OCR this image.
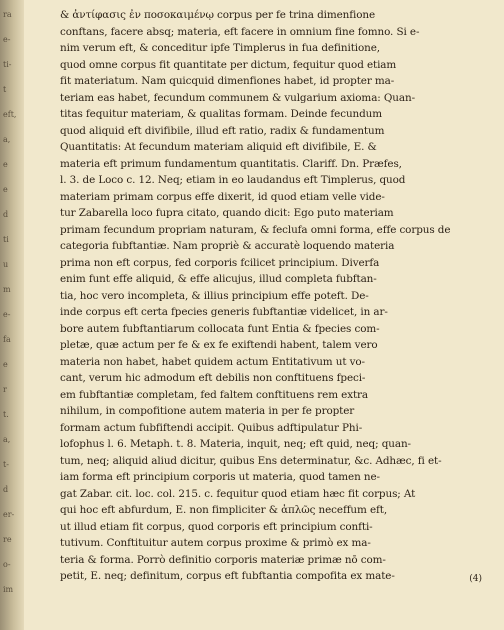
ra
e-
ti-
t
eft,
a,
e
e
d
ti
u
m
e-
fa
e
r
t.
a,
t-
d
er-
re
o-
im
& ἀντίφασις ἐν ποσοκαιμένῳ corpus per fe trina dimenfione
conftans, facere absq; materia, eft facere in omnium fine fomno. Si e-
nim verum eft, & conceditur ipfe Timplerus in fua definitione,
quod omne corpus fit quantitate per dictum, fequitur quod etiam
fit materiatum. Nam quicquid dimenfiones habet, id propter ma-
teriam eas habet, fecundum communem & vulgarium axioma: Quan-
titas fequitur materiam, & qualitas formam. Deinde fecundum
quod aliquid eft divifibile, illud eft ratio, radix & fundamentum
Quantitatis: At fecundum materiam aliquid eft divifibile, E. &
materia eft primum fundamentum quantitatis. Clariff. Dn. Præfes,
l. 3. de Loco c. 12. Neq; etiam in eo laudandus eft Timplerus, quod
materiam primam corpus effe dixerit, id quod etiam velle vide-
tur Zabarella loco fupra citato, quando dicit: Ego puto materiam
primam fecundum propriam naturam, & feclufa omni forma, effe corpus de
categoria fubftantiæ. Nam propriè & accuratè loquendo materia
prima non eft corpus, fed corporis fcilicet principium. Diverfa
enim funt effe aliquid, & effe alicujus, illud completa fubftan-
tia, hoc vero incompleta, & illius principium effe poteft. De-
inde corpus eft certa fpecies generis fubftantiæ videlicet, in ar-
bore autem fubftantiarum collocata funt Entia & fpecies com-
pletæ, quæ actum per fe & ex fe exiftendi habent, talem vero
materia non habet, habet quidem actum Entitativum ut vo-
cant, verum hic admodum eft debilis non conftituens fpeci-
em fubftantiæ completam, fed faltem conftituens rem extra
nihilum, in compofitione autem materia in per fe propter
formam actum fubfiftendi accipit. Quibus adftipulatur Phi-
lofophus l. 6. Metaph. t. 8. Materia, inquit, neq; eft quid, neq; quan-
tum, neq; aliquid aliud dicitur, quibus Ens determinatur, &c. Adhæc, fi et-
iam forma eft principium corporis ut materia, quod tamen ne-
gat Zabar. cit. loc. col. 215. c. fequitur quod etiam hæc fit corpus; At
qui hoc eft abfurdum, E. non fimpliciter & ἁπλῶς neceffum eft,
ut illud etiam fit corpus, quod corporis eft principium confti-
tutivum. Conftituitur autem corpus proxime & primò ex ma-
teria & forma. Porrò definitio corporis materiæ primæ nō com-
petit, E. neq; definitum, corpus eft fubftantia compofita ex mate-	(4)
